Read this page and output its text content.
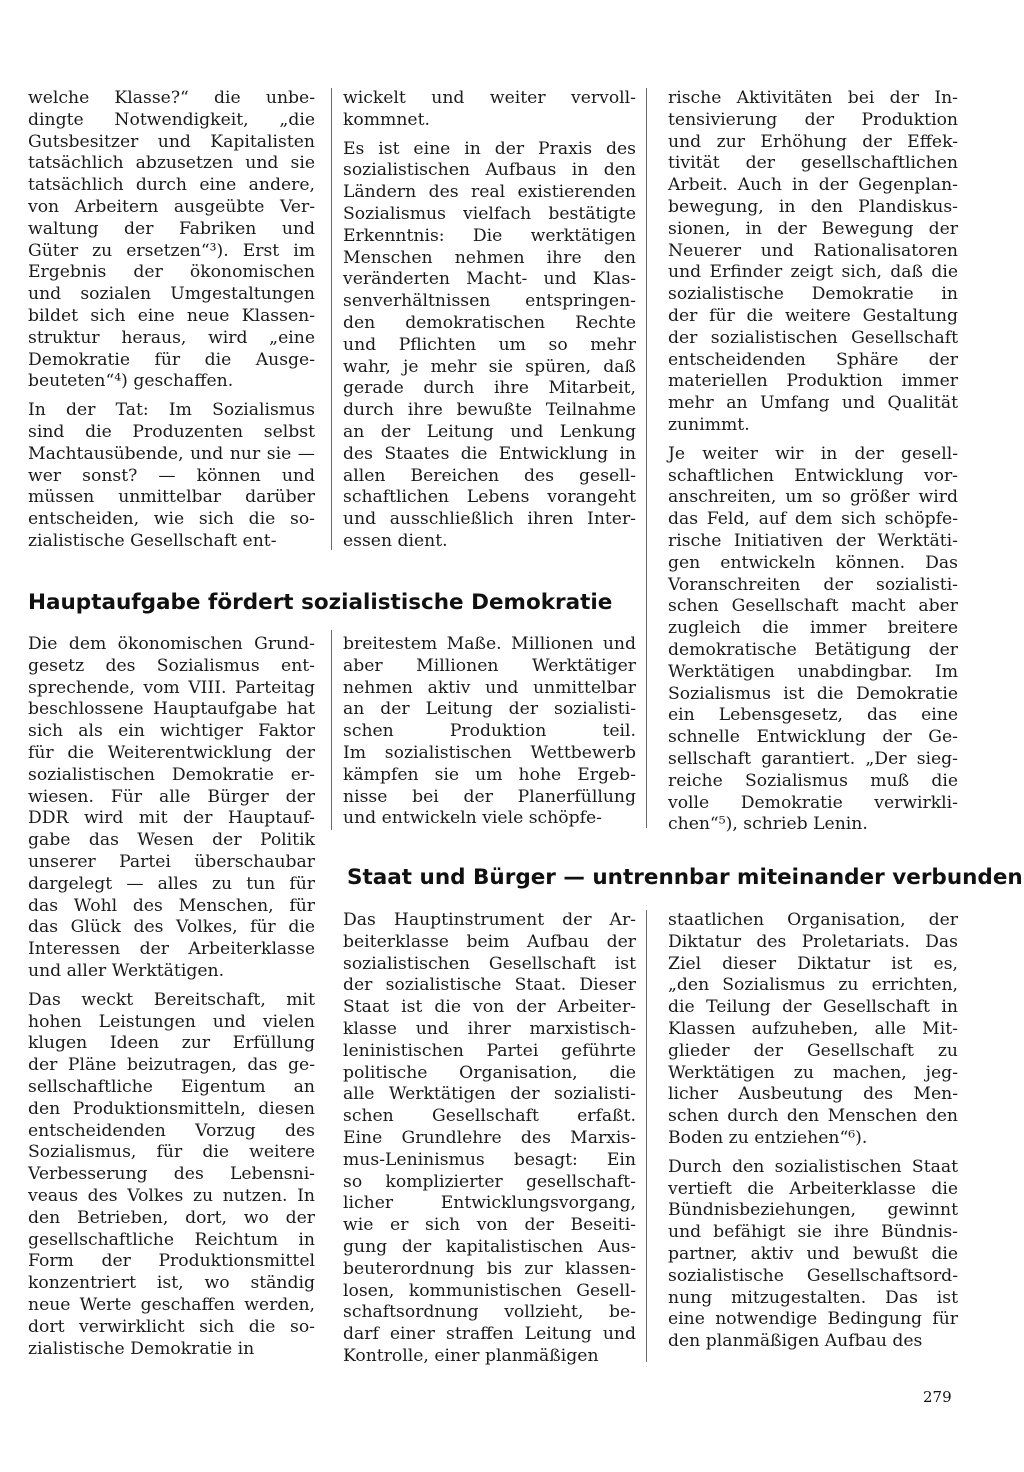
welche Klasse?“ die unbe-
dingte Notwendigkeit, „die
Gutsbesitzer und Kapitalisten
tatsächlich abzusetzen und sie
tatsächlich durch eine andere,
von Arbeitern ausgeübte Ver-
waltung der Fabriken und
Güter zu ersetzen“³). Erst im
Ergebnis der ökonomischen
und sozialen Umgestaltungen
bildet sich eine neue Klassen-
struktur heraus, wird „eine
Demokratie für die Ausge-
beuteten“⁴) geschaffen.
In der Tat: Im Sozialismus
sind die Produzenten selbst
Machtausübende, und nur sie —
wer sonst? — können und
müssen unmittelbar darüber
entscheiden, wie sich die so-
zialistische Gesellschaft ent-
wickelt und weiter vervoll-
kommnet.
Es ist eine in der Praxis des
sozialistischen Aufbaus in den
Ländern des real existierenden
Sozialismus vielfach bestätigte
Erkenntnis: Die werktätigen
Menschen nehmen ihre den
veränderten Macht- und Klas-
senverhältnissen entspringen-
den demokratischen Rechte
und Pflichten um so mehr
wahr, je mehr sie spüren, daß
gerade durch ihre Mitarbeit,
durch ihre bewußte Teilnahme
an der Leitung und Lenkung
des Staates die Entwicklung in
allen Bereichen des gesell-
schaftlichen Lebens vorangeht
und ausschließlich ihren Inter-
essen dient.
rische Aktivitäten bei der In-
tensivierung der Produktion
und zur Erhöhung der Effek-
tivität der gesellschaftlichen
Arbeit. Auch in der Gegenplan-
bewegung, in den Plandiskus-
sionen, in der Bewegung der
Neuerer und Rationalisatoren
und Erfinder zeigt sich, daß die
sozialistische Demokratie in
der für die weitere Gestaltung
der sozialistischen Gesellschaft
entscheidenden Sphäre der
materiellen Produktion immer
mehr an Umfang und Qualität
zunimmt.
Je weiter wir in der gesell-
schaftlichen Entwicklung vor-
anschreiten, um so größer wird
das Feld, auf dem sich schöpfe-
rische Initiativen der Werktäti-
gen entwickeln können. Das
Voranschreiten der sozialisti-
schen Gesellschaft macht aber
zugleich die immer breitere
demokratische Betätigung der
Werktätigen unabdingbar. Im
Sozialismus ist die Demokratie
ein Lebensgesetz, das eine
schnelle Entwicklung der Ge-
sellschaft garantiert. „Der sieg-
reiche Sozialismus muß die
volle Demokratie verwirkli-
chen“⁵), schrieb Lenin.
Hauptaufgabe fördert sozialistische Demokratie
Die dem ökonomischen Grund-
gesetz des Sozialismus ent-
sprechende, vom VIII. Parteitag
beschlossene Hauptaufgabe hat
sich als ein wichtiger Faktor
für die Weiterentwicklung der
sozialistischen Demokratie er-
wiesen. Für alle Bürger der
DDR wird mit der Hauptauf-
gabe das Wesen der Politik
unserer Partei überschaubar
dargelegt — alles zu tun für
das Wohl des Menschen, für
das Glück des Volkes, für die
Interessen der Arbeiterklasse
und aller Werktätigen.
Das weckt Bereitschaft, mit
hohen Leistungen und vielen
klugen Ideen zur Erfüllung
der Pläne beizutragen, das ge-
sellschaftliche Eigentum an
den Produktionsmitteln, diesen
entscheidenden Vorzug des
Sozialismus, für die weitere
Verbesserung des Lebensni-
veaus des Volkes zu nutzen. In
den Betrieben, dort, wo der
gesellschaftliche Reichtum in
Form der Produktionsmittel
konzentriert ist, wo ständig
neue Werte geschaffen werden,
dort verwirklicht sich die so-
zialistische Demokratie in
breitestem Maße. Millionen und
aber Millionen Werktätiger
nehmen aktiv und unmittelbar
an der Leitung der sozialisti-
schen Produktion teil.
Im sozialistischen Wettbewerb
kämpfen sie um hohe Ergeb-
nisse bei der Planerfüllung
und entwickeln viele schöpfe-
Staat und Bürger — untrennbar miteinander verbunden
Das Hauptinstrument der Ar-
beiterklasse beim Aufbau der
sozialistischen Gesellschaft ist
der sozialistische Staat. Dieser
Staat ist die von der Arbeiter-
klasse und ihrer marxistisch-
leninistischen Partei geführte
politische Organisation, die
alle Werktätigen der sozialisti-
schen Gesellschaft erfaßt.
Eine Grundlehre des Marxis-
mus-Leninismus besagt: Ein
so komplizierter gesellschaft-
licher Entwicklungsvorgang,
wie er sich von der Beseiti-
gung der kapitalistischen Aus-
beuterordnung bis zur klassen-
losen, kommunistischen Gesell-
schaftsordnung vollzieht, be-
darf einer straffen Leitung und
Kontrolle, einer planmäßigen
staatlichen Organisation, der
Diktatur des Proletariats. Das
Ziel dieser Diktatur ist es,
„den Sozialismus zu errichten,
die Teilung der Gesellschaft in
Klassen aufzuheben, alle Mit-
glieder der Gesellschaft zu
Werktätigen zu machen, jeg-
licher Ausbeutung des Men-
schen durch den Menschen den
Boden zu entziehen“⁶).
Durch den sozialistischen Staat
vertieft die Arbeiterklasse die
Bündnisbeziehungen, gewinnt
und befähigt sie ihre Bündnis-
partner, aktiv und bewußt die
sozialistische Gesellschaftsord-
nung mitzugestalten. Das ist
eine notwendige Bedingung für
den planmäßigen Aufbau des
279
